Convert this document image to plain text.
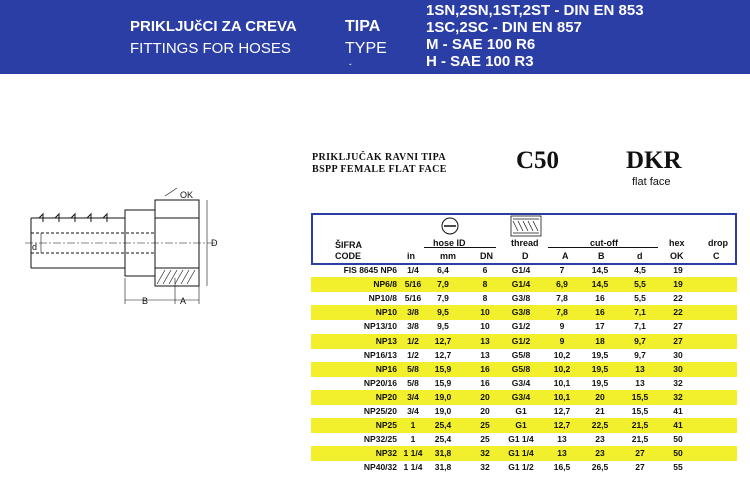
PRIKLJUčCI ZA CREVA
FITTINGS FOR HOSES
TIPA
TYPE
1SN,2SN,1ST,2ST - DIN EN 853
1SC,2SC - DIN EN 857
M - SAE 100 R6
H - SAE 100 R3
ˇ
PRIKLJUČAK RAVNI TIPA
BSPP FEMALE FLAT FACE	C50	DKR
flat face
OK
d	D
B	A
ŠIFRA	hose ID	thread	cut-off	hex	drop
CODE	in	mm	DN	D	A	B	d	OK	C
FIS 8645 NP6	1/4	6,4	6	G1/4	7	14,5	4,5	19
NP6/8 5/16	7,9	8	G1/4	6,9	14,5	5,5	19
NP10/8 5/16	7,9	8	G3/8	7,8	16	5,5	22
NP10	3/8	9,5	10	G3/8	7,8	16	7,1	22
NP13/10	3/8	9,5	10	G1/2	9	17	7,1	27
NP13	1/2	12,7	13	G1/2	9	18	9,7	27
NP16/13	1/2	12,7	13	G5/8	10,2	19,5	9,7	30
NP16	5/8	15,9	16	G5/8	10,2	19,5	13	30
NP20/16	5/8	15,9	16	G3/4	10,1	19,5	13	32
NP20	3/4	19,0	20	G3/4	10,1	20	15,5	32
NP25/20	3/4	19,0	20	G1	12,7	21	15,5	41
NP25	1	25,4	25	G1	12,7	22,5	21,5	41
NP32/25	1	25,4	25	G1 1/4	13	23	21,5	50
NP32 1 1/4	31,8	32	G1 1/4	13	23	27	50
NP40/32 1 1/4	31,8	32	G1 1/2	16,5	26,5	27	55
